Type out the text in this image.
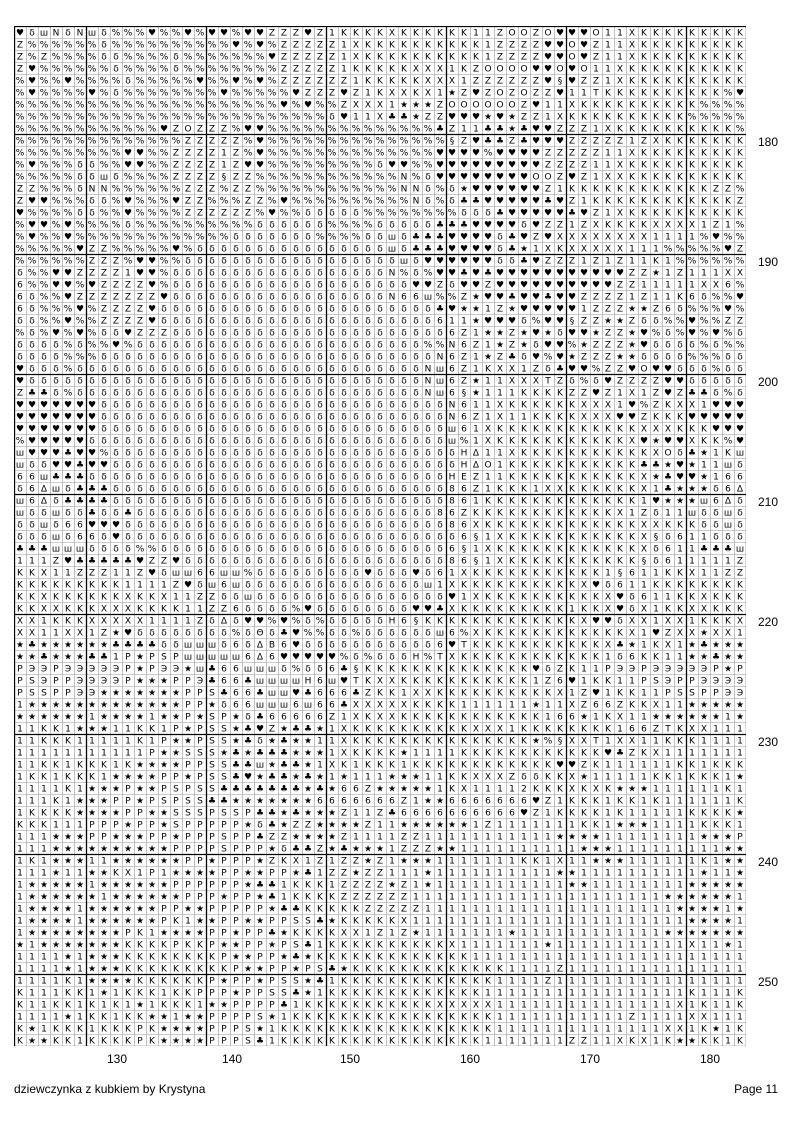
♥ δ ш N δ N ш δ % % % ♥ % % ♥ % ♥ ♥ % ♥ ♥ Z Z Z ♥ Z 1 K K K K X K K K K K K 1 1 Z O O Z O ♥ ♥ ♥ O 1 1 X K K K K K K K K K
Z % % % % % % δ % % % % % % % % % % ♥ % ♥ % Z Z Z Z Z 1 X K K K K K K K K K K 1 Z Z Z Z ♥ ♥ O ♥ Z 1 1 X K K K K K K K K K
Z % Z % % % % δ δ % % % % δ % % % % % % % ♥ Z Z Z Z Z 1 X K K K K K K K K K K 1 Z Z Z Z ♥ ♥ O ♥ Z 1 1 X K K K K K K K K K
Z ♥ % % % % % % δ % % % % δ % % % % % % % % Z Z Z Z Z 1 K K K K K X X X 1 K Z O O O O ♥ ♥ O ♥ O 1 1 X K K K K K K K K K K
% ♥ % % ♥ % % % % δ % % % % % ♥ % % ♥ % ♥ % Z Z Z Z Z Z 1 K K K K K X X X 1 Z Z Z Z Z Z ♥ § ♥ Z Z 1 X K K K K K K K K K K
% ♥ % % % % ♥ % δ % % % % % % % % ♥ % % % % % ♥ Z Z Z ♥ Z 1 K X X K X 1 ★ Z ♥ Z O Z O Z Z ♥ 1 1 T K K K K K K K K K K % ♥
% % % % % % % % % % % % % % % % % % % % % % ♥ % ♥ % % Z X X X 1 ★ ★ ★ Z O O O O O O Z ♥ 1 1 X K K K K K K K K K K % % % %
% % % % % % % % % % % % % % % % % % % % % % % % % % δ ♥ 1 1 X ♣ ♣ ★ Z Z ♥ ♥ ♥ ★ ♥ ★ Z Z 1 X K K K K K K K K K K % % % % %
% % % % % % % % % % % % ♥ Z O Z Z Z % ♥ ♥ % % % % % % % % % % % % % % ♣ Z 1 1 ♣ ♣ ★ ♣ ♥ ♥ Z Z Z 1 X K K K K K K K K K K %
% % % % % % % % % % % % % % Z Z Z Z Z % ♥ % % % % % % % % % % % % % % % § Z ♥ ♣ ♣ Z ♣ ♥ ♥ ♥ Z Z Z Z Z 1 Z X K K K K K K K
% % % % % % % % % ♥ ♥ % % Z Z Z Z 1 Z % ♥ % % % % % % % % % % % % % % ♥ ♥ ♥ ♥ % ♥ ♥ ♥ ♥ Z Z Z Z Z 1 1 X K K K K K K K K K
% ♥ % % % δ δ % % ♥ ♥ % % Z Z Z Z 1 Z ♥ ♥ % % % % % % % % % δ ♥ ♥ % % ♥ ♥ ♥ ♥ ♥ ♥ ♥ ♥ ♥ Z Z Z Z 1 1 X K K K K K K K K K K
% % % % % δ δ ш δ % % % % Z Z Z Z § Z Z % % % % % % % % % % % % N % δ ♥ ♥ ♥ ♥ ♥ ♥ ♥ ♥ O O Z ♥ Z 1 X X K K K K K K K K K K
Z Z % % % δ N N % % % % % % Z Z Z % Z Z % % % % % % % % % % % % N N δ % δ ★ ♥ ♥ ♥ ♥ ♥ ♥ Z 1 K K K K K K K K K K K K Z Z %
Z ♥ ♥ % % % δ δ % ♥ % % % ♥ Z Z % % % Z Z % ♥ % % % % % % % % % % N δ % δ ♣ ♣ ♥ ♥ ♥ ♥ ♥ ♣ ♥ Z 1 K K K K K K K K K K K K Z
♥ % % % % δ δ % % ♥ % % % % Z Z Z Z Z Z % ♥ % % δ δ δ δ δ % % % % % % % % δ δ δ ♣ ♥ ♥ ♥ ♥ ♥ ♣ ♥ Z 1 X K K K K K K K K K K
% ♥ ♥ % ♥ % % % % δ % % % % % % % % % % δ δ δ δ δ δ % % % % δ δ δ δ δ ♣ ♣ ♣ ♥ ♥ ♥ ♥ δ ♥ Z Z 1 Z X K K K K X X X X 1 Z 1 %
% ♥ % % ♥ % % % % % % % % % % % % % δ δ δ δ δ δ δ % % % % δ δ ш δ ♣ ♣ ♣ ♥ ♥ ♥ ♥ δ ♣ ♥ Z ♥ X X X X X X X X 1 1 1 1 % ♥ % %
% % % % % ♥ Z Z % % % % % ♥ % δ δ δ δ δ δ δ δ δ δ δ δ δ δ δ δ ш δ ♣ ♣ ♣ ♥ ♥ ♥ ♥ δ ♣ ★ 1 X K X X X X X 1 1 1 % % % % % ♥ Z
% % % % % % Z Z Z % ♥ ♥ % % δ δ δ δ δ δ δ δ δ δ δ δ δ δ δ δ δ δ ш δ ♥ ♥ ♥ ♥ ♥ ♥ δ δ ♣ ♥ Z Z Z 1 Z 1 Z 1 1 K 1 % % % % % %
δ % % ♥ ♥ Z Z Z Z 1 ♥ ♥ % δ δ δ δ δ δ δ δ δ δ δ δ δ δ δ δ δ δ N % δ % ♥ ♥ ♣ ♥ ♣ ♥ ♥ ♥ ♥ ♥ ♥ ♥ ♥ ♥ ♥ ♥ Z Z ★ 1 Z 1 1 1 X X
6 % % ♥ ♥ % ♥ Z Z Z Z ♥ % δ δ δ δ δ δ δ δ δ δ δ δ δ δ δ δ δ δ δ δ ♥ ♥ Z δ ♥ ♥ Z ♥ ♥ ♥ ♥ ♥ ♥ ♥ ♥ ♥ ♥ Z Z 1 1 1 1 1 X X 6 %
6 δ % % ♥ Z Z Z Z Z Z Z ♥ δ δ δ δ δ δ δ δ δ δ δ δ δ δ δ δ δ δ N 6 6 ш % % Z ★ ♥ ♥ ♣ ♥ ♥ ♣ ♥ ♥ Z Z Z Z 1 Z 1 1 K 6 δ % % ♥
6 δ % % % ♥ % Z Z Z Z ♥ δ δ δ δ δ δ δ δ δ δ δ δ δ δ δ δ δ δ δ δ δ δ δ ♣ ♥ ★ ★ 1 Z ★ ♥ ♥ ♥ ♥ ♥ 1 Z Z Z ★ ★ Z 6 δ % % % ♥ %
δ δ % % ♥ % % Z Z Z Z ♥ δ δ δ δ δ δ δ δ δ δ δ δ δ δ δ δ δ δ δ δ δ δ δ 6 1 1 ★ ♥ ♥ ♥ δ % ♥ ♥ § Z Z ★ ★ Z δ δ % % ♥ % % Z Z
% δ % ♥ % ♥ % δ δ ♥ Z Z Z δ δ δ δ δ δ δ δ δ δ δ δ δ δ δ δ δ δ δ δ δ δ δ 6 Z 1 ★ ★ Z ★ ♥ ★ δ ♥ ♥ ★ Z Z ★ ♥ % δ % ♥ % ♥ % δ
δ δ δ δ % δ % % ♥ % δ δ δ δ δ δ δ δ δ δ δ δ δ δ δ δ δ δ δ δ δ δ δ δ % % N 6 Z 1 ★ Z ★ δ ♥ ♥ % ★ Z Z Z ★ ♥ δ δ δ δ % δ % %
δ δ δ δ % % % δ δ δ δ δ δ δ δ δ δ δ δ δ δ δ δ δ δ δ δ δ δ δ δ δ δ δ δ N 6 Z 1 ★ Z ♣ δ ♥ % ♥ ★ Z Z Z ★ ★ δ δ δ δ % % % δ δ
♥ δ δ δ % δ δ δ δ δ δ δ δ δ δ δ δ δ δ δ δ δ δ δ δ δ δ δ δ δ δ δ δ δ N ш 6 Z 1 K X X 1 Z δ ♣ ♥ ♥ % Z Z ♥ O ♥ ♥ δ δ δ % δ δ
♥ δ δ δ δ δ δ δ δ δ δ δ δ δ δ δ δ δ δ δ δ δ δ δ δ δ δ δ δ δ δ δ δ δ N ш 6 Z ★ 1 1 X X X T Z δ % δ ♥ Z Z Z Z ♥ ♥ δ δ δ δ δ
Z ♣ ♣ δ % δ δ δ δ δ δ δ δ δ δ δ δ δ δ δ δ δ δ δ δ δ δ δ δ δ δ δ δ δ N ш 6 § ★ 1 1 1 K K K K Z Z ♥ Z 1 X 1 Z ♥ Z ♣ ♣ δ % δ
♥ ♥ ♥ ♥ ♥ ♥ ♥ δ δ δ δ δ δ δ δ δ δ δ δ δ δ δ δ δ δ δ δ δ δ δ δ δ δ δ δ δ N 6 1 1 X K K K K K K X X X 1 ♥ % Z K X X 1 ♥ ♥ ♥
♥ ♥ ♥ ♥ ♥ ♥ ♥ δ δ δ δ δ δ δ δ δ δ δ δ δ δ δ δ δ δ δ δ δ δ δ δ δ δ δ δ δ N 6 Z 1 X 1 1 K K K K X X X ♥ ♥ Z K K K ♥ ♥ ♥ ♥ ♥
♥ ♥ ♥ ♥ ♥ ♥ ♥ δ δ δ δ δ δ δ δ δ δ δ δ δ δ δ δ δ δ δ δ δ δ δ δ δ δ δ δ δ ш 6 1 X K K K K K K K K K K K K X X X K K K ♥ ♥ ♥
% ♥ ♥ ♥ ♥ ♥ δ δ δ δ δ δ δ δ δ δ δ δ δ δ δ δ δ δ δ δ δ δ δ δ δ δ δ δ δ δ ш % 1 X K K K K K K K K K K K X ♥ ★ ♥ ♥ X K K % ♥
ш ♥ ♥ ♥ ♣ ♥ ♥ % δ δ δ δ δ δ δ δ δ δ δ δ δ δ δ δ δ δ δ δ δ δ δ δ δ δ δ δ δ H Δ 1 1 X K K K K K K K K K K K X O δ ♣ ★ 1 K ш
ш δ δ ♥ ♥ ♣ ♥ ♥ δ δ δ δ δ δ δ δ δ δ δ δ δ δ δ δ δ δ δ δ δ δ δ δ δ δ δ δ δ H Δ O 1 K K K K K K K K K K K ♣ ♣ ★ ♥ ★ 1 1 ш δ
6 6 ш ♣ ♣ ♣ δ δ δ δ δ δ δ δ δ δ δ δ δ δ δ δ δ δ δ δ δ δ δ δ δ δ δ δ δ δ H E Z 1 1 K K K K K K K K K K K X ★ ♣ ♥ ♥ ★ 1 6 6
δ 6 Δ ш δ ♣ ♣ ♣ δ δ δ δ δ δ δ δ δ δ δ δ δ δ δ δ δ δ δ δ δ δ δ δ δ δ δ δ 8 6 Z 1 K K K 1 X X K K K K K K X 1 ♣ ★ ★ ★ δ 6 Δ
ш 6 Δ δ ♣ ♣ ♣ ♣ δ δ δ δ δ δ δ δ δ δ δ δ δ δ δ δ δ δ δ δ δ δ δ δ δ δ δ δ 8 6 1 K K K K K K K K K K K K K 1 ♥ ★ ★ ★ ш 6 Δ δ
ш δ δ ш δ δ ♣ δ δ ♣ δ δ δ δ δ δ δ δ δ δ δ δ δ δ δ δ δ δ δ δ δ δ δ δ δ 8 6 Z K K K K K K K K K K K K X 1 Z δ 1 1 ш δ δ ш δ
δ δ ш δ 6 6 ♥ ♥ ♥ δ δ δ δ δ δ δ δ δ δ δ δ δ δ δ δ δ δ δ δ δ δ δ δ δ δ δ 8 6 X K K K K K K K K K K K K K X X K K K δ δ ш δ
δ δ δ ш δ 6 6 δ ♥ δ δ δ δ δ δ δ δ δ δ δ δ δ δ δ δ δ δ δ δ δ δ δ δ δ δ δ δ 6 § 1 X K K K K K K K K K K K X § δ 6 1 1 δ δ δ
♣ ♣ ♣ ш ш ш δ δ δ δ % % δ δ δ δ δ δ δ δ δ δ δ δ δ δ δ δ δ δ δ δ δ δ δ δ 6 § 1 X K K K K K K K K K K K K X δ 6 1 1 ♣ ♣ ♣ ш
1 1 1 Z ♥ ♣ ♣ ♣ ♣ ♣ ♥ Z Z ♥ δ δ δ δ δ δ δ δ δ δ δ δ δ δ δ δ δ δ δ δ δ δ 8 6 § 1 X K K K K K K K K K K K § δ 6 1 1 1 1 1 Z
K K X 1 1 Z Z Z 1 1 Z ♥ δ ш ш 6 6 ш ш % δ δ δ δ δ δ δ δ δ ♥ δ δ δ ♥ δ 6 1 X K K K K K K K K K K K 1 § 6 1 1 K K X 1 1 Z Z
K K K K K K K K K 1 1 1 1 Z ♥ δ ш 6 ш δ δ δ δ δ δ δ δ δ δ δ δ δ δ δ ш 1 X K K K K K K K K K K X ♥ δ 6 1 1 K K K K K K K K
K K X K K K K K K X K K X 1 1 Z Z δ δ ш δ δ δ δ δ δ δ δ δ δ δ δ δ δ δ δ ♥ 1 X K K K K K K K K K K X ♥ δ 6 1 1 K K X K K K
K K X X K K K X X X K K K K 1 1 Z Z 6 δ δ δ δ % ♥ δ δ δ δ δ δ δ δ ♥ ♥ ♣ X K K K K K K K K K 1 K K X ♥ δ X 1 K K X X K K K
X X 1 K K K X X X X X 1 1 1 1 Z δ Δ δ ♥ ♥ % ♥ % δ % δ δ δ δ δ H 6 § K K K K K K K K K K K K K X ♥ ♥ δ X X 1 X X 1 K K K X
X X 1 1 X X 1 Z ★ ♥ δ δ δ δ δ δ δ δ % δ Θ δ ♣ ♥ % % δ δ % δ δ δ δ δ δ ш 6 % X K K K K K K K K K K K K X 1 ♥ Z X X ★ X X 1
★ ♣ ★ ★ ★ ★ ★ ★ ♣ ♣ ♣ ♣ δ δ ш ш ш δ 6 δ Δ B 6 ♥ δ δ δ δ δ δ δ δ δ δ δ 6 ♥ T K K K K K K K K K K K X ♣ ★ 1 K X 1 ★ ♣ ★ ★ ★
★ ★ ♣ ★ ★ ★ ♣ ♣ 1 P ★ P S P ш ш ш ш ш 6 Δ 6 ♥ ♥ ♥ ♥ ♥ % δ % δ δ δ H % T X K K K K K K K K K K K K 1 δ 6 K K 1 1 ★ ★ ♣ ★ ★
P Э Э P Э Э Э Э Э P ★ P Э Э ★ ш ♣ 6 6 ш ш ш δ % δ δ 6 ♣ § K K K K K K K K K K K K K K ♥ δ Z K 1 1 P Э Э P Э Э Э Э Э P ★ P
P S Э P P Э Э Э Э P ★ ★ ★ P P Э ♣ 6 6 ♣ ш ш ш ш H 6 ш ♥ T K X X K K K K K K K K K K K 1 Z 6 ♥ 1 K K 1 1 P S Э P P Э Э Э Э
P S S P P Э Э ★ ★ ★ ★ ★ ★ ★ P P S ♣ 6 6 ♣ ш ш ♥ ♣ 6 6 6 ♣ Z K K 1 X X K K K K K K K K K K X 1 Z ♥ 1 K K 1 1 P S S P P Э Э
1 ★ ★ ★ ★ ★ ★ ★ ★ ★ ★ ★ ★ ★ P P ★ δ 6 6 ш ш ш 6 ш 6 6 ♣ X X X X X K K K K 1 1 1 1 1 1 ★ 1 1 X Z 6 6 Z K K X 1 1 ★ ★ ★ ★ ★
★ ★ ★ ★ ★ ★ 1 ★ ★ ★ ★ 1 ★ ★ P ★ S P ★ δ ♣ 6 6 6 6 6 Z 1 X K X X K K K K K K K K K K K K 1 6 6 ★ 1 K X 1 1 ★ ★ ★ ★ ★ ★ 1 ★
1 1 K K 1 ★ ★ ★ 1 1 K K 1 P ★ P S S ★ ♣ ♥ Z ★ ♣ ♣ ★ 1 X K K K K K K K K K K X X X 1 K K K K K K K K 1 6 6 Z T K X X 1 1 1
1 1 K K K 1 1 1 1 1 K 1 P ★ ★ P S S ★ ♣ δ ★ ♣ ★ ★ 1 1 X K K K K K K K K K K K K K K K ★ % § X X T 1 X X 1 1 K K K 1 1 1 1
1 1 1 1 1 1 1 1 1 1 1 P ★ ★ S S S ★ ♣ ★ ♣ ♣ ♣ ★ ★ ★ 1 X K K K K ★ 1 1 1 1 K K K K K K K K K K K K ♥ ♣ Z K X 1 1 1 1 1 1 1
1 1 K K 1 K K K 1 K ★ ★ ★ ★ P P S S ♣ ♣ ш ★ ♣ ♣ ★ 1 X K 1 K K K 1 K K K K K K K K K K K K ♥ ♥ Z K 1 1 1 1 1 1 K K 1 K K K
1 K K 1 K K K 1 ★ ★ ★ ★ P P ★ P S S ♣ ♥ ★ ♣ ♣ ★ ♣ ★ 1 ★ 1 1 1 ★ ★ ★ 1 1 K K X X X Z δ δ K K X ★ 1 1 1 1 1 K K 1 K K K 1 ★
1 1 1 1 K 1 ★ ★ ★ P ★ ★ P S P S S ♣ ♣ ♣ ♣ ♣ ♣ ♣ ★ ♣ ★ 6 6 Z ★ ★ ★ ★ ★ 1 K X 1 1 1 1 2 K K K X K X K ★ ★ ★ 1 1 1 1 1 1 K 1
1 1 1 K 1 ★ ★ ★ P P ★ P S P S S ♣ ♣ ★ ★ ★ ★ ★ ★ ★ 6 6 6 6 6 6 6 Z 1 ★ ★ 6 6 6 6 6 6 6 ♥ Z 1 K K K 1 K K 1 K 1 1 1 1 1 1 K
1 K K K K ★ ★ ★ ★ P P ★ ★ S S S P S S P ♣ ♣ ★ ♣ ★ ★ ★ Z 1 1 Z ♣ 6 6 6 6 6 6 6 6 6 6 ♥ Z 1 K K K K 1 K 1 1 1 1 1 K K K K ★
K K K 1 1 1 P P P ★ P P ★ S P P P P P ★ δ ♣ ★ Z Z ★ ★ ★ ★ Z 1 1 ★ ★ ★ ★ ★ ★ 1 Z 1 1 1 1 1 1 1 K K 1 ★ ★ ★ 1 1 1 1 K K K 1
1 1 1 ★ ★ ★ P P ★ ★ ★ P P ★ P P P S P P ♣ Z Z ★ ★ ★ ★ Z 1 1 1 1 Z Z 1 1 1 1 1 1 1 1 1 1 1 ★ ★ ★ ★ 1 1 1 1 1 1 1 1 ★ ★ ★ P
1 1 1 ★ ★ ★ ★ ★ ★ ★ ★ ★ ★ P P P P S P P P ★ δ ♣ ♣ Z ★ ♣ ★ ★ ★ 1 Z Z Z ★ ★ 1 1 1 1 1 1 1 1 1 1 ★ ★ ★ 1 1 1 1 1 1 1 1 1 ★ ★
1 K 1 ★ ★ ★ 1 1 ★ ★ ★ ★ ★ ★ P P ★ P P P ★ Z K X 1 Z 1 Z Z ★ Z 1 ★ ★ ★ 1 1 1 1 1 1 1 K K 1 X 1 1 ★ ★ ★ 1 1 1 1 1 1 K 1 ★ ★
1 1 1 ★ 1 1 ★ ★ K X 1 P 1 ★ ★ ★ ★ P P ★ ★ P P ★ ♣ 1 Z Z ★ Z Z 1 1 1 ★ 1 1 1 1 1 1 1 1 1 1 ★ ★ 1 1 1 1 1 1 1 1 1 1 ★ 1 1 ★
1 ★ ★ ★ ★ ★ 1 ★ ★ ★ ★ ★ ★ P P P P P P ★ ♣ ♣ 1 K K K 1 Z Z Z Z ★ Z 1 ★ 1 1 1 1 1 1 1 1 1 1 1 ★ ★ 1 1 1 1 1 1 1 1 ★ ★ ★ ★ ★
1 ★ ★ ★ ★ ★ ★ 1 ★ ★ ★ ★ ★ ★ P P P ★ P P ★ ♣ 1 K K K K Z Z Z Z Z Z 1 1 1 1 1 1 1 1 1 1 1 1 1 1 1 1 1 1 1 1 1 ★ ★ ★ ★ ★ ★ 1
1 ★ ★ ★ ★ 1 ★ ★ ★ ★ ★ ★ P P ★ ★ P P P P P ★ ♣ ♣ K K K K K Z Z Z Z Z 1 1 1 1 1 1 1 1 1 1 1 1 1 1 1 1 1 1 1 1 1 ★ ★ ★ ★ 1 ★
1 ★ ★ ★ ★ 1 ★ ★ ★ ★ ★ ★ P K 1 ★ ★ P P ★ ★ P P S S ♣ ★ K K K K K X 1 1 1 1 1 1 1 1 1 1 1 1 1 1 1 1 1 1 1 1 1 1 1 ★ ★ ★ ★ 1
1 ★ ★ ★ ★ ★ ★ ★ ★ P K 1 ★ ★ ★ ★ P P ★ P P ♣ ★ K K K K X X 1 Z 1 Z ★ 1 1 1 1 1 1 1 ★ 1 1 1 1 1 1 1 1 1 1 1 1 ★ ★ ★ ★ ★ ★ ★
★ 1 ★ ★ ★ ★ ★ ★ ★ K K K K P K K P ★ ★ P P ★ P S ♣ 1 K K K K K K K K K K X 1 1 1 1 1 1 1 ★ 1 1 1 1 1 1 1 1 1 1 1 X 1 1 ★ 1
1 1 1 1 ★ 1 ★ ★ ★ K K K K K K K K P ★ ★ P P ★ ♣ ★ K K K K K K K K K K K K K 1 1 1 1 1 1 1 1 1 1 1 1 1 1 1 1 1 1 1 1 1 1 1
1 1 1 1 ★ 1 ★ ★ ★ K K K K K K K K K P ★ ★ P P ★ P S ♣ ★ K K K K K K K K K K K K K 1 1 1 1 Z 1 1 1 1 1 1 1 1 1 1 1 1 1 1 1
1 1 1 1 K 1 ★ ★ ★ ★ K K K K K K P ★ P P ★ P S S ★ ♣ 1 K K K K K K K K K K K K K 1 1 1 1 Z 1 1 1 1 1 1 1 1 1 1 1 1 1 1 1 1
K 1 1 1 K K 1 ★ 1 K K K 1 K K P P P ★ P P S S ♣ ★ 1 K K K K K K K K K K K K K 1 1 1 1 1 1 1 1 1 1 1 1 1 1 1 1 1 K 1 1 1 K
K 1 1 K K 1 K 1 K 1 ★ 1 K K K 1 ★ ★ P P P P ♣ 1 K K K K K K K K K K K X X X X X 1 1 1 1 1 1 1 1 1 1 1 1 1 1 1 X 1 K 1 1 K
1 1 1 1 ★ 1 K K 1 K K ★ ★ 1 ★ ★ P P P P S ★ 1 K K K K K K K K K K K K K K K K K 1 1 1 1 1 1 1 1 1 1 1 Z 1 1 1 1 X X 1 1 1
K ★ 1 K K K 1 K K K P K ★ ★ ★ ★ P P P S ★ 1 K K K K K K K K K K K K K K K K K K 1 1 1 1 1 1 1 1 1 1 1 1 1 1 X X 1 K ★ 1 K
K ★ ★ K K 1 K K K K P K ★ ★ ★ ★ P P P S ♣ 1 K K K K K K K K K K K K K K K K K 1 1 1 1 1 1 1 Z Z 1 1 X K X 1 K ★ ★ K K 1 K
130	140	150	160	170	180
180
190
200
210
220
230
240
250
dziewczynka z kubkiem by Krystyna	Page 11
